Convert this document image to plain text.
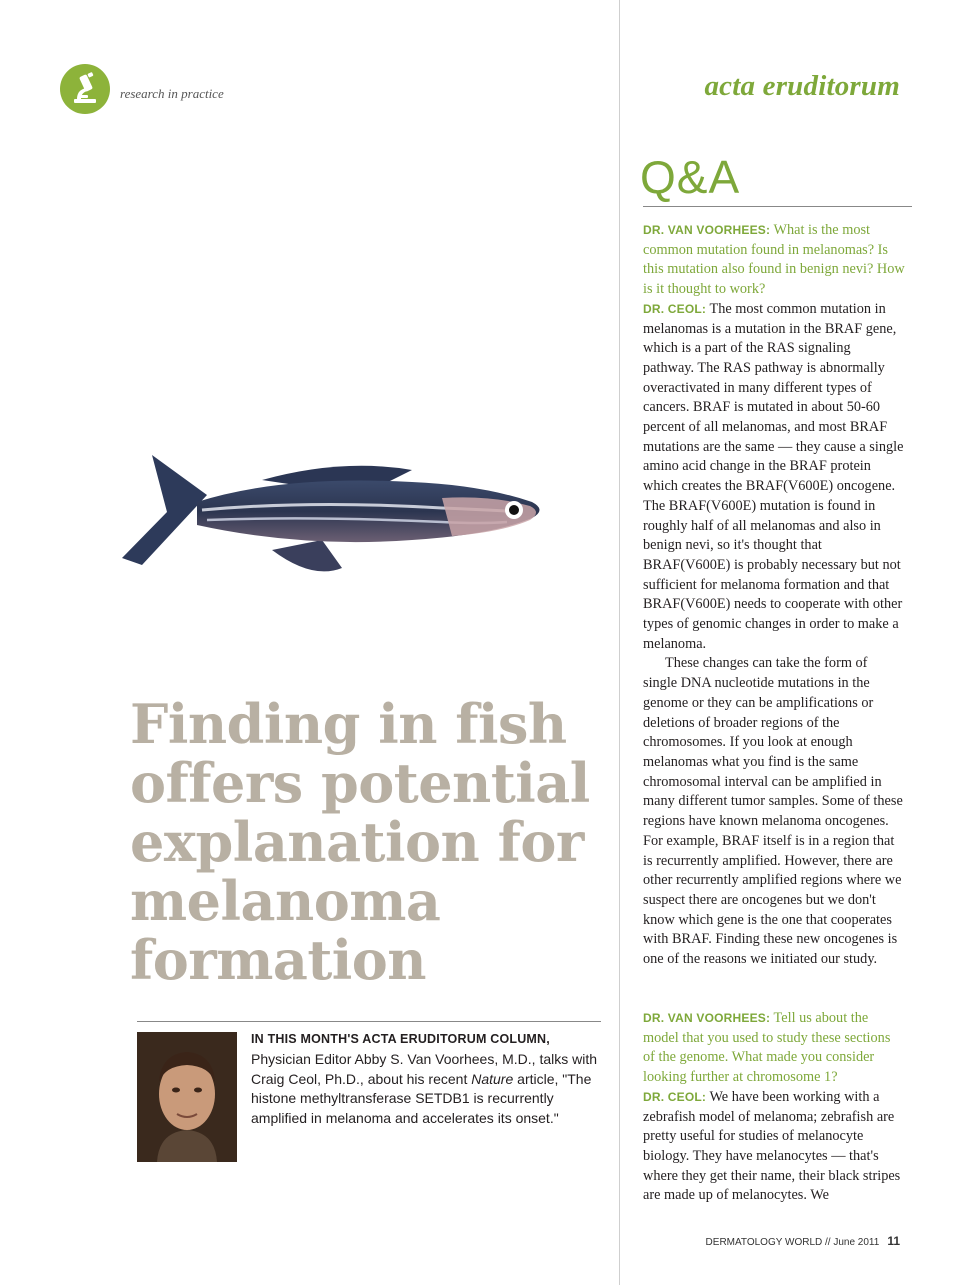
research in practice	acta eruditorum
Finding in fish offers potential explanation for melanoma formation
IN THIS MONTH'S ACTA ERUDITORUM COLUMN, Physician Editor Abby S. Van Voorhees, M.D., talks with Craig Ceol, Ph.D., about his recent Nature article, "The histone methyltransferase SETDB1 is recurrently amplified in melanoma and accelerates its onset."
Q&A
DR. VAN VOORHEES: What is the most common mutation found in melanomas? Is this mutation also found in benign nevi? How is it thought to work?
DR. CEOL: The most common mutation in melanomas is a mutation in the BRAF gene, which is a part of the RAS signaling pathway. The RAS pathway is abnormally overactivated in many different types of cancers. BRAF is mutated in about 50-60 percent of all melanomas, and most BRAF mutations are the same — they cause a single amino acid change in the BRAF protein which creates the BRAF(V600E) oncogene. The BRAF(V600E) mutation is found in roughly half of all melanomas and also in benign nevi, so it's thought that BRAF(V600E) is probably necessary but not sufficient for melanoma formation and that BRAF(V600E) needs to cooperate with other types of genomic changes in order to make a melanoma.
These changes can take the form of single DNA nucleotide mutations in the genome or they can be amplifications or deletions of broader regions of the chromosomes. If you look at enough melanomas what you find is the same chromosomal interval can be amplified in many different tumor samples. Some of these regions have known melanoma oncogenes. For example, BRAF itself is in a region that is recurrently amplified. However, there are other recurrently amplified regions where we suspect there are oncogenes but we don't know which gene is the one that cooperates with BRAF. Finding these new oncogenes is one of the reasons we initiated our study.
DR. VAN VOORHEES: Tell us about the model that you used to study these sections of the genome. What made you consider looking further at chromosome 1?
DR. CEOL: We have been working with a zebrafish model of melanoma; zebrafish are pretty useful for studies of melanocyte biology. They have melanocytes — that's where they get their name, their black stripes are made up of melanocytes. We
DERMATOLOGY WORLD // June 2011 11
